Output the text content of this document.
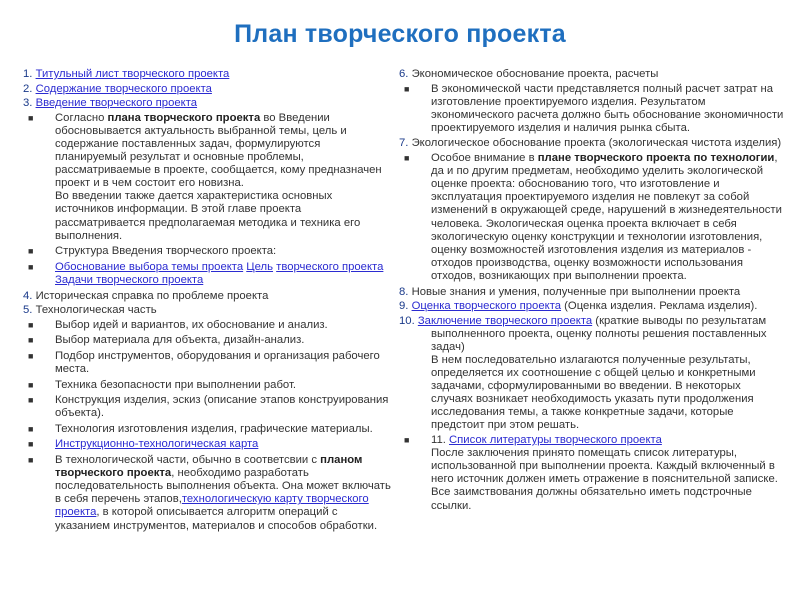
План творческого проекта
1. Титульный лист творческого проекта
2. Содержание творческого проекта
3. Введение творческого проекта
■ Согласно плана творческого проекта во Введении обосновывается актуальность выбранной темы, цель и содержание поставленных задач, формулируются планируемый результат и основные проблемы, рассматриваемые в проекте, сообщается, кому предназначен проект и в чем состоит его новизна.
Во введении также дается характеристика основных источников информации. В этой главе проекта рассматривается предполагаемая методика и техника его выполнения.
■ Структура Введения творческого проекта:
■ Обоснование выбора темы проекта Цель творческого проекта Задачи творческого проекта
4. Историческая справка по проблеме проекта
5. Технологическая часть
■ Выбор идей и вариантов, их обоснование и анализ.
■ Выбор материала для объекта, дизайн-анализ.
■ Подбор инструментов, оборудования и организация рабочего места.
■ Техника безопасности при выполнении работ.
■ Конструкция изделия, эскиз (описание этапов конструирования объекта).
■ Технология изготовления изделия, графические материалы.
■ Инструкционно-технологическая карта
■ В технологической части, обычно в соответсвии с планом творческого проекта, необходимо разработать последовательность выполнения объекта. Она может включать в себя перечень этапов,технологическую карту творческого проекта, в которой описывается алгоритм операций с указанием инструментов, материалов и способов обработки.
6. Экономическое обоснование проекта, расчеты
■ В экономической части представляется полный расчет затрат на изготовление проектируемого изделия. Результатом экономического расчета должно быть обоснование экономичности проектируемого изделия и наличия рынка сбыта.
7. Экологическое обоснование проекта (экологическая чистота изделия)
■ Особое внимание в плане творческого проекта по технологии, да и по другим предметам, необходимо уделить экологической оценке проекта: обоснованию того, что изготовление и эксплуатация проектируемого изделия не повлекут за собой изменений в окружающей среде, нарушений в жизнедеятельности человека. Экологическая оценка проекта включает в себя экологическую оценку конструкции и технологии изготовления, оценку возможностей изготовления изделия из материалов - отходов производства, оценку возможности использования отходов, возникающих при выполнении проекта.
8. Новые знания и умения, полученные при выполнении проекта
9. Оценка творческого проекта (Оценка изделия. Реклама изделия).
10. Заключение творческого проекта (краткие выводы по результатам выполненного проекта, оценку полноты решения поставленных задач)
В нем последовательно излагаются полученные результаты, определяется их соотношение с общей целью и конкретными задачами, сформулированными во введении. В некоторых случаях возникает необходимость указать пути продолжения исследования темы, а также конкретные задачи, которые предстоит при этом решать.
■ 11. Список литературы творческого проекта
После заключения принято помещать список литературы, использованной при выполнении проекта. Каждый включенный в него источник должен иметь отражение в пояснительной записке. Все заимствования должны обязательно иметь подстрочные ссылки.
